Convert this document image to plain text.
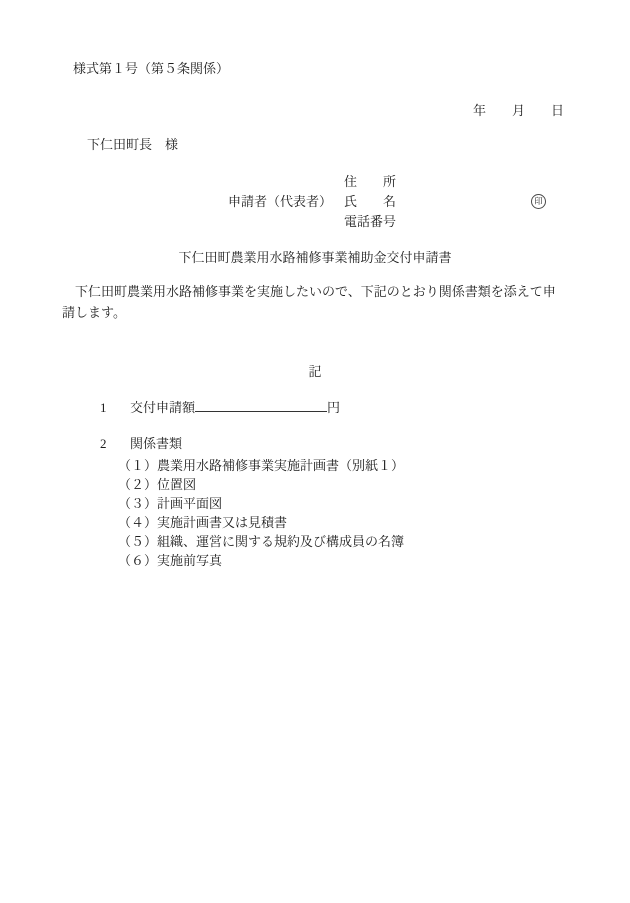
様式第１号（第５条関係）
年　　月　　日
下仁田町長　様
申請者（代表者）
住　　所
氏　　名
電話番号
印
下仁田町農業用水路補修事業補助金交付申請書
　下仁田町農業用水路補修事業を実施したいので、下記のとおり関係書類を添えて申
請します。
記
1 交付申請額	円
2 関係書類
（１）農業用水路補修事業実施計画書（別紙１）
（２）位置図
（３）計画平面図
（４）実施計画書又は見積書
（５）組織、運営に関する規約及び構成員の名簿
（６）実施前写真
